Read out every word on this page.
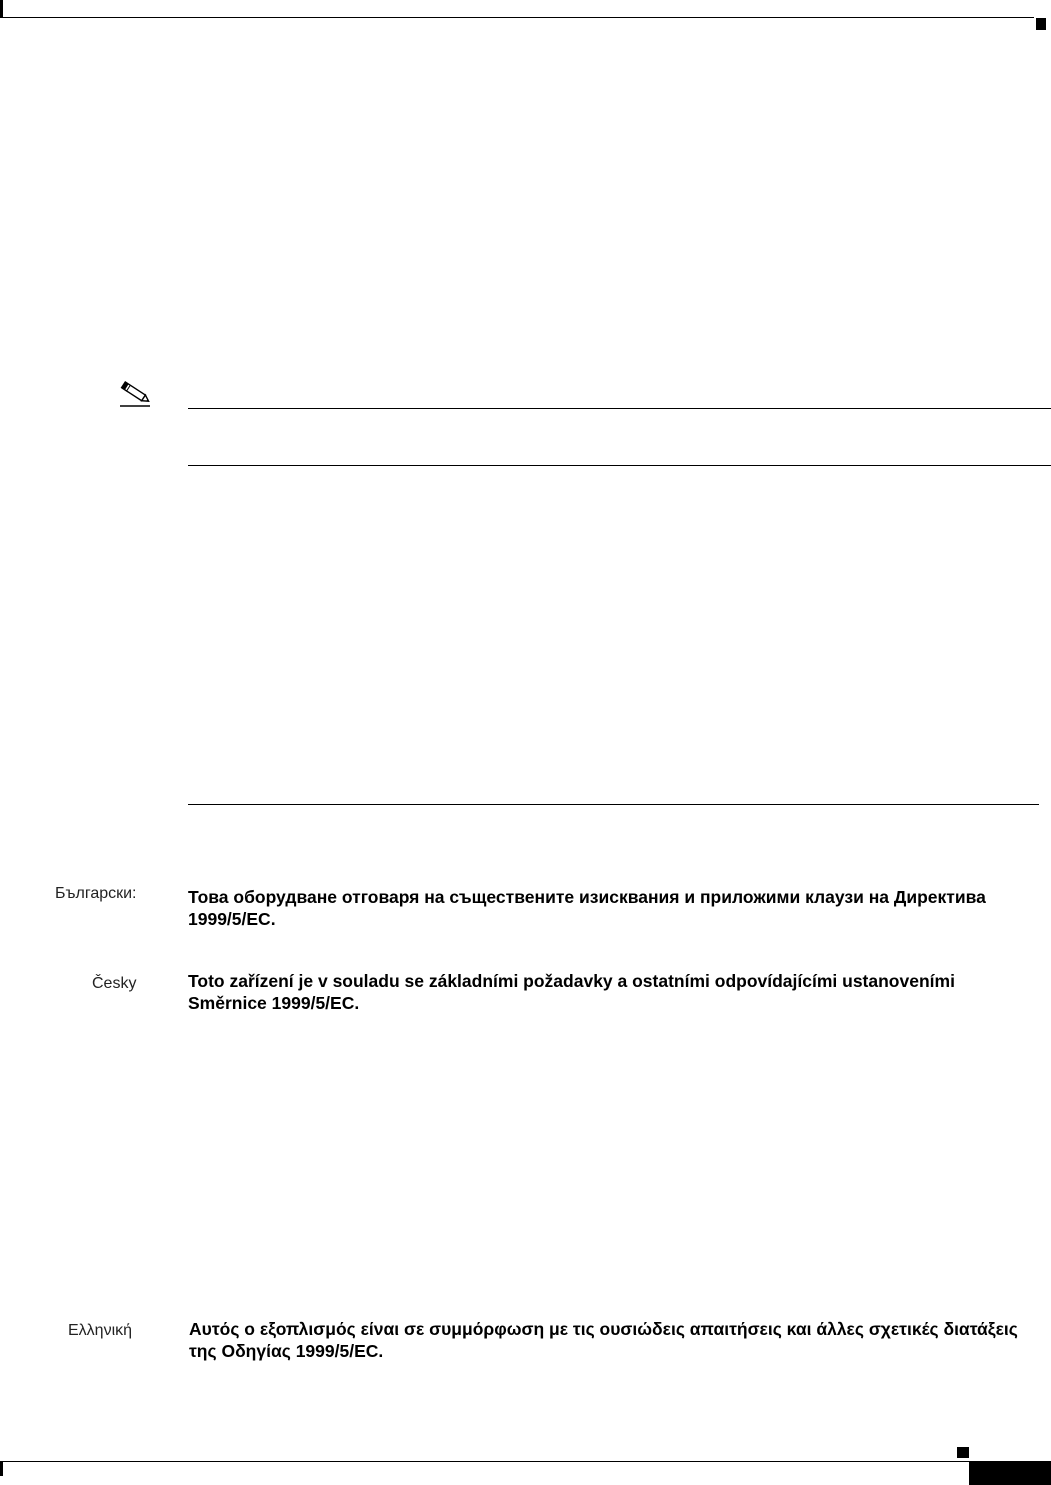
Български:	Това оборудване отговаря на съществените изисквания и приложими клаузи на Директива 1999/5/ЕС.
Česky	Toto zařízení je v souladu se základními požadavky a ostatními odpovídajícími ustanoveními Směrnice 1999/5/EC.
Ελληνική	Αυτός ο εξοπλισμός είναι σε συμμόρφωση με τις ουσιώδεις απαιτήσεις και άλλες σχετικές διατάξεις της Οδηγίας 1999/5/EC.
